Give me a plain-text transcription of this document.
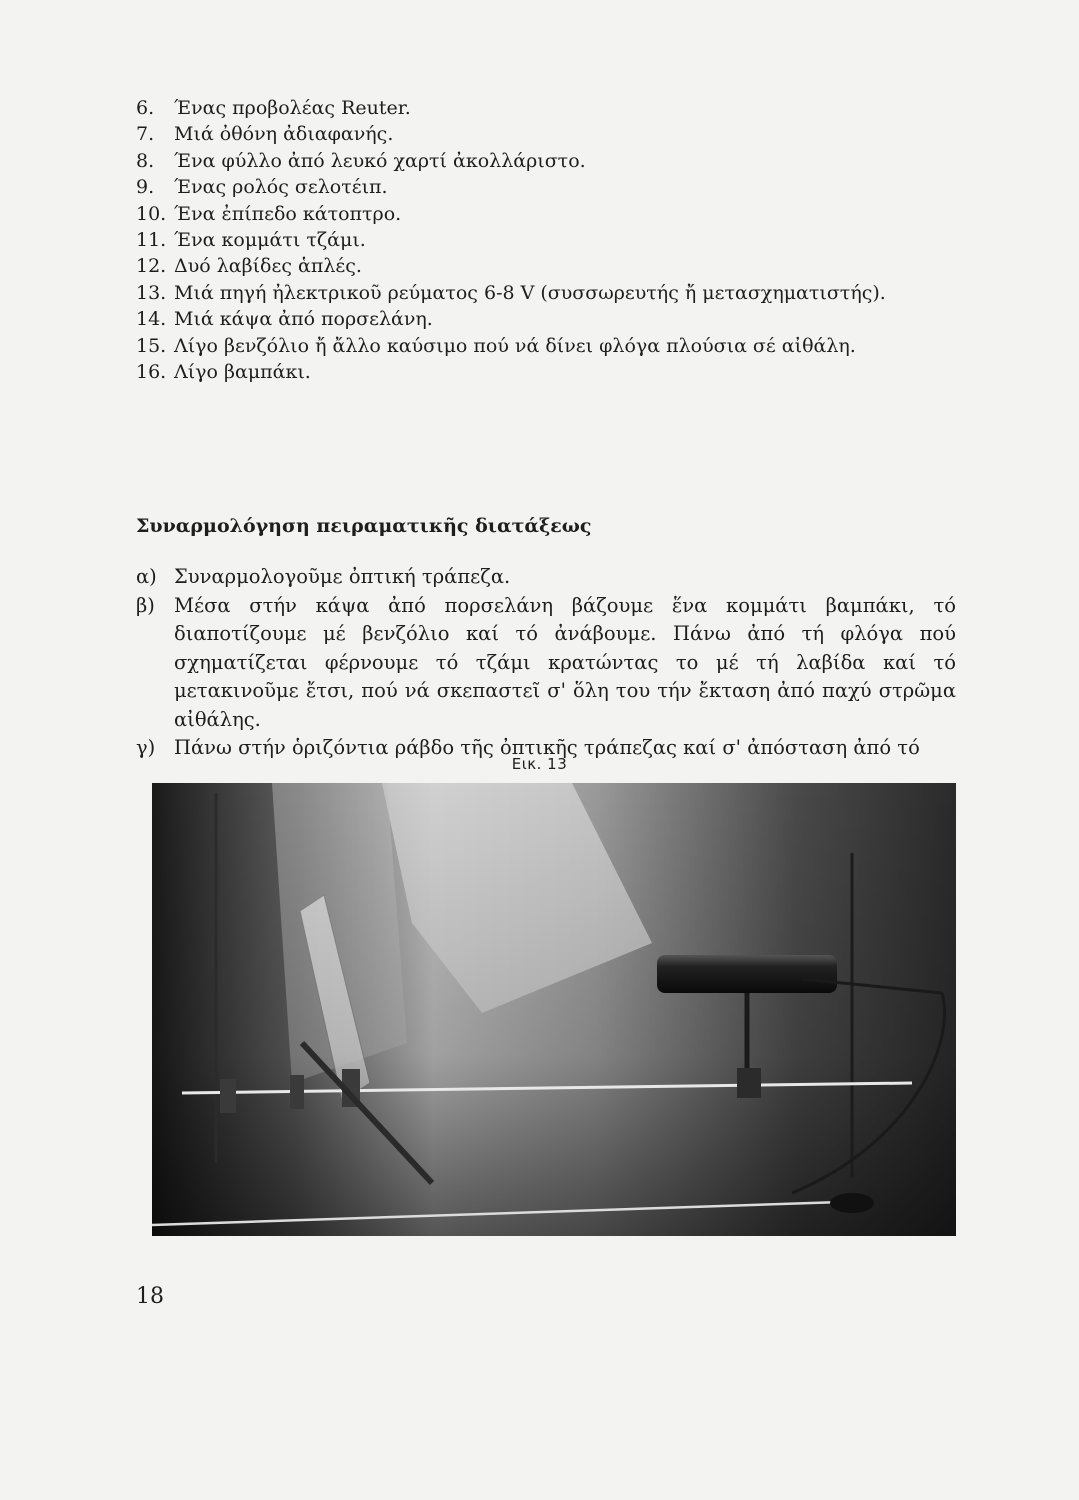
6. Ένας προβολέας Reuter.
7. Μιά ὀθόνη ἀδιαφανής.
8. Ένα φύλλο ἀπό λευκό χαρτί ἀκολλάριστο.
9. Ένας ρολός σελοτέιπ.
10. Ένα ἐπίπεδο κάτοπτρο.
11. Ένα κομμάτι τζάμι.
12. Δυό λαβίδες ἁπλές.
13. Μιά πηγή ἠλεκτρικοῦ ρεύματος 6-8 V (συσσωρευτής ἤ μετασχηματιστής).
14. Μιά κάψα ἀπό πορσελάνη.
15. Λίγο βενζόλιο ἤ ἄλλο καύσιμο πού νά δίνει φλόγα πλούσια σέ αἰθάλη.
16. Λίγο βαμπάκι.
Συναρμολόγηση πειραματικῆς διατάξεως
α) Συναρμολογοῦμε ὀπτική τράπεζα.
β) Μέσα στήν κάψα ἀπό πορσελάνη βάζουμε ἕνα κομμάτι βαμπάκι, τό διαποτίζουμε μέ βενζόλιο καί τό ἀνάβουμε. Πάνω ἀπό τή φλόγα πού σχηματίζεται φέρνουμε τό τζάμι κρατώντας το μέ τή λαβίδα καί τό μετακινοῦμε ἔτσι, πού νά σκεπαστεῖ σ' ὅλη του τήν ἔκταση ἀπό παχύ στρῶμα αἰθάλης.
γ) Πάνω στήν ὁριζόντια ράβδο τῆς ὀπτικῆς τράπεζας καί σ' ἀπόσταση ἀπό τό
Εικ. 13
18
